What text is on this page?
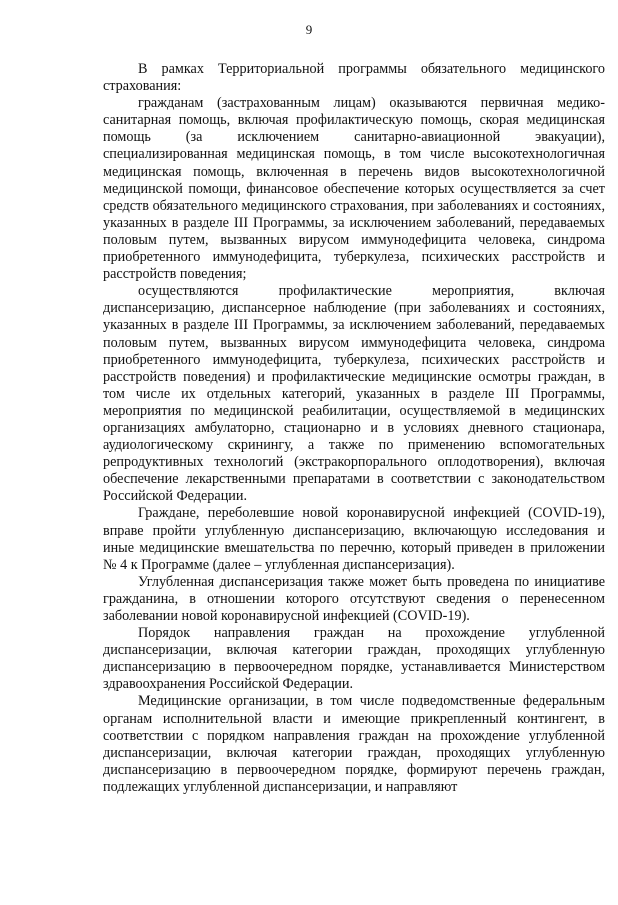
9

В рамках Территориальной программы обязательного медицинского страхования:

гражданам (застрахованным лицам) оказываются первичная медико-санитарная помощь, включая профилактическую помощь, скорая медицинская помощь (за исключением санитарно-авиационной эвакуации), специализированная медицинская помощь, в том числе высокотехнологичная медицинская помощь, включенная в перечень видов высокотехнологичной медицинской помощи, финансовое обеспечение которых осуществляется за счет средств обязательного медицинского страхования, при заболеваниях и состояниях, указанных в разделе III Программы, за исключением заболеваний, передаваемых половым путем, вызванных вирусом иммунодефицита человека, синдрома приобретенного иммунодефицита, туберкулеза, психических расстройств и расстройств поведения;

осуществляются профилактические мероприятия, включая диспансеризацию, диспансерное наблюдение (при заболеваниях и состояниях, указанных в разделе III Программы, за исключением заболеваний, передаваемых половым путем, вызванных вирусом иммунодефицита человека, синдрома приобретенного иммунодефицита, туберкулеза, психических расстройств и расстройств поведения) и профилактические медицинские осмотры граждан, в том числе их отдельных категорий, указанных в разделе III Программы, мероприятия по медицинской реабилитации, осуществляемой в медицинских организациях амбулаторно, стационарно и в условиях дневного стационара, аудиологическому скринингу, а также по применению вспомогательных репродуктивных технологий (экстракорпорального оплодотворения), включая обеспечение лекарственными препаратами в соответствии с законодательством Российской Федерации.

Граждане, переболевшие новой коронавирусной инфекцией (COVID-19), вправе пройти углубленную диспансеризацию, включающую исследования и иные медицинские вмешательства по перечню, который приведен в приложении № 4 к Программе (далее – углубленная диспансеризация).

Углубленная диспансеризация также может быть проведена по инициативе гражданина, в отношении которого отсутствуют сведения о перенесенном заболевании новой коронавирусной инфекцией (COVID-19).

Порядок направления граждан на прохождение углубленной диспансеризации, включая категории граждан, проходящих углубленную диспансеризацию в первоочередном порядке, устанавливается Министерством здравоохранения Российской Федерации.

Медицинские организации, в том числе подведомственные федеральным органам исполнительной власти и имеющие прикрепленный контингент, в соответствии с порядком направления граждан на прохождение углубленной диспансеризации, включая категории граждан, проходящих углубленную диспансеризацию в первоочередном порядке, формируют перечень граждан, подлежащих углубленной диспансеризации, и направляют
